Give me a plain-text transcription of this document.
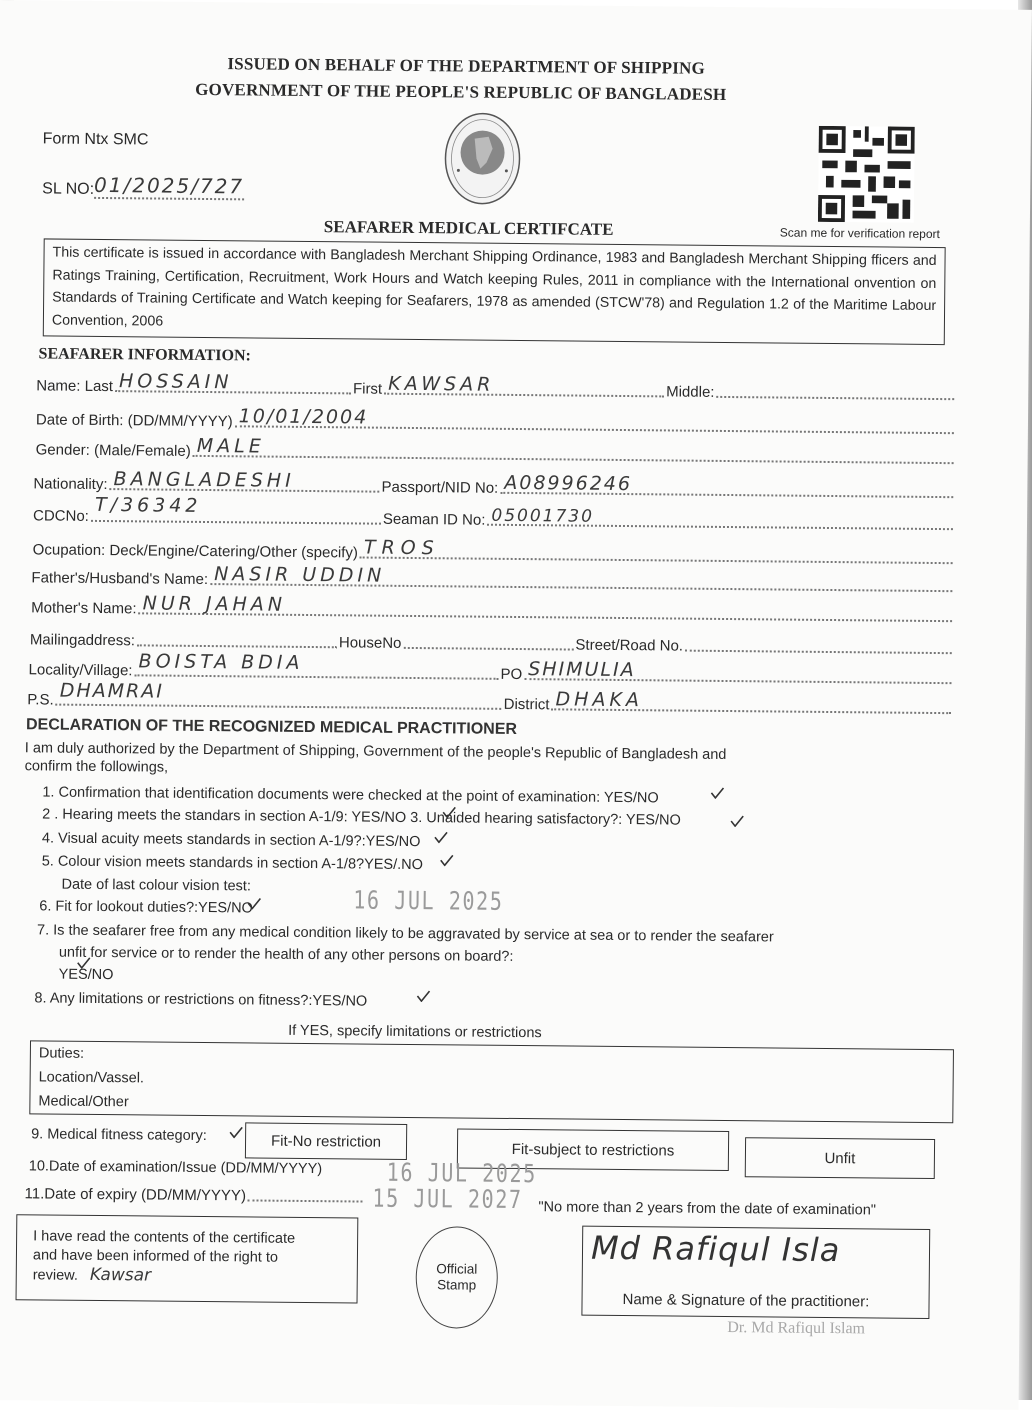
ISSUED ON BEHALF OF THE DEPARTMENT OF SHIPPING
GOVERNMENT OF THE PEOPLE'S REPUBLIC OF BANGLADESH
Form Ntx SMC
SL NO: 01/2025/727
Scan me for verification report
SEAFARER MEDICAL CERTIFCATE
This certificate is issued in accordance with Bangladesh Merchant Shipping Ordinance, 1983 and Bangladesh Merchant Shipping fficers and Ratings Training, Certification, Recruitment, Work Hours and Watch keeping Rules, 2011 in compliance with the International onvention on Standards of Training Certificate and Watch keeping for Seafarers, 1978 as amended (STCW'78) and Regulation 1.2 of the Maritime Labour Convention, 2006
SEAFARER INFORMATION:
Name: Last HOSSAIN	First KAWSAR	Middle:
Date of Birth: (DD/MM/YYYY) 10/01/2004
Gender: (Male/Female) MALE
Nationality: BANGLADESHI	Passport/NID No: A08996246
CDCNo: T/36342
Seaman ID No: 05001730
Ocupation: Deck/Engine/Catering/Other (specify) TROS
Father's/Husband's Name: NASIR UDDIN
Mother's Name: NUR JAHAN
Mailingaddress:	HouseNo	Street/Road No.
Locality/Village: BOISTA BDIA
PO SHIMULIA
P.S. DHAMRAI
District DHAKA
DECLARATION OF THE RECOGNIZED MEDICAL PRACTITIONER
I am duly authorized by the Department of Shipping, Government of the people's Republic of Bangladesh and
confirm the followings,
1. Confirmation that identification documents were checked at the point of examination: YES/NO
2 . Hearing meets the standars in section A-1/9: YES/NO 3. Unaided hearing satisfactory?: YES/NO
4. Visual acuity meets standards in section A-1/9?:YES/NO
5. Colour vision meets standards in section A-1/8?YES/.NO
Date of last colour vision test:	16 JUL 2025
6. Fit for lookout duties?:YES/NO
7. Is the seafarer free from any medical condition likely to be aggravated by service at sea or to render the seafarer
unfit for service or to render the health of any other persons on board?:
YES/NO
8. Any limitations or restrictions on fitness?:YES/NO
If YES, specify limitations or restrictions
Duties:
Location/Vassel.
Medical/Other
9. Medical fitness category:	Fit-No restriction	Fit-subject to restrictions	Unfit
10.Date of examination/Issue (DD/MM/YYYY)	16 JUL 2025
11.Date of expiry (DD/MM/YYYY)	15 JUL 2027 "No more than 2 years from the date of examination"
I have read the contents of the certificate
and have been informed of the right to
review. Kawsar	Official
Stamp
Md Rafiqul Isla
Name & Signature of the practitioner:
Dr. Md Rafiqul Islam
